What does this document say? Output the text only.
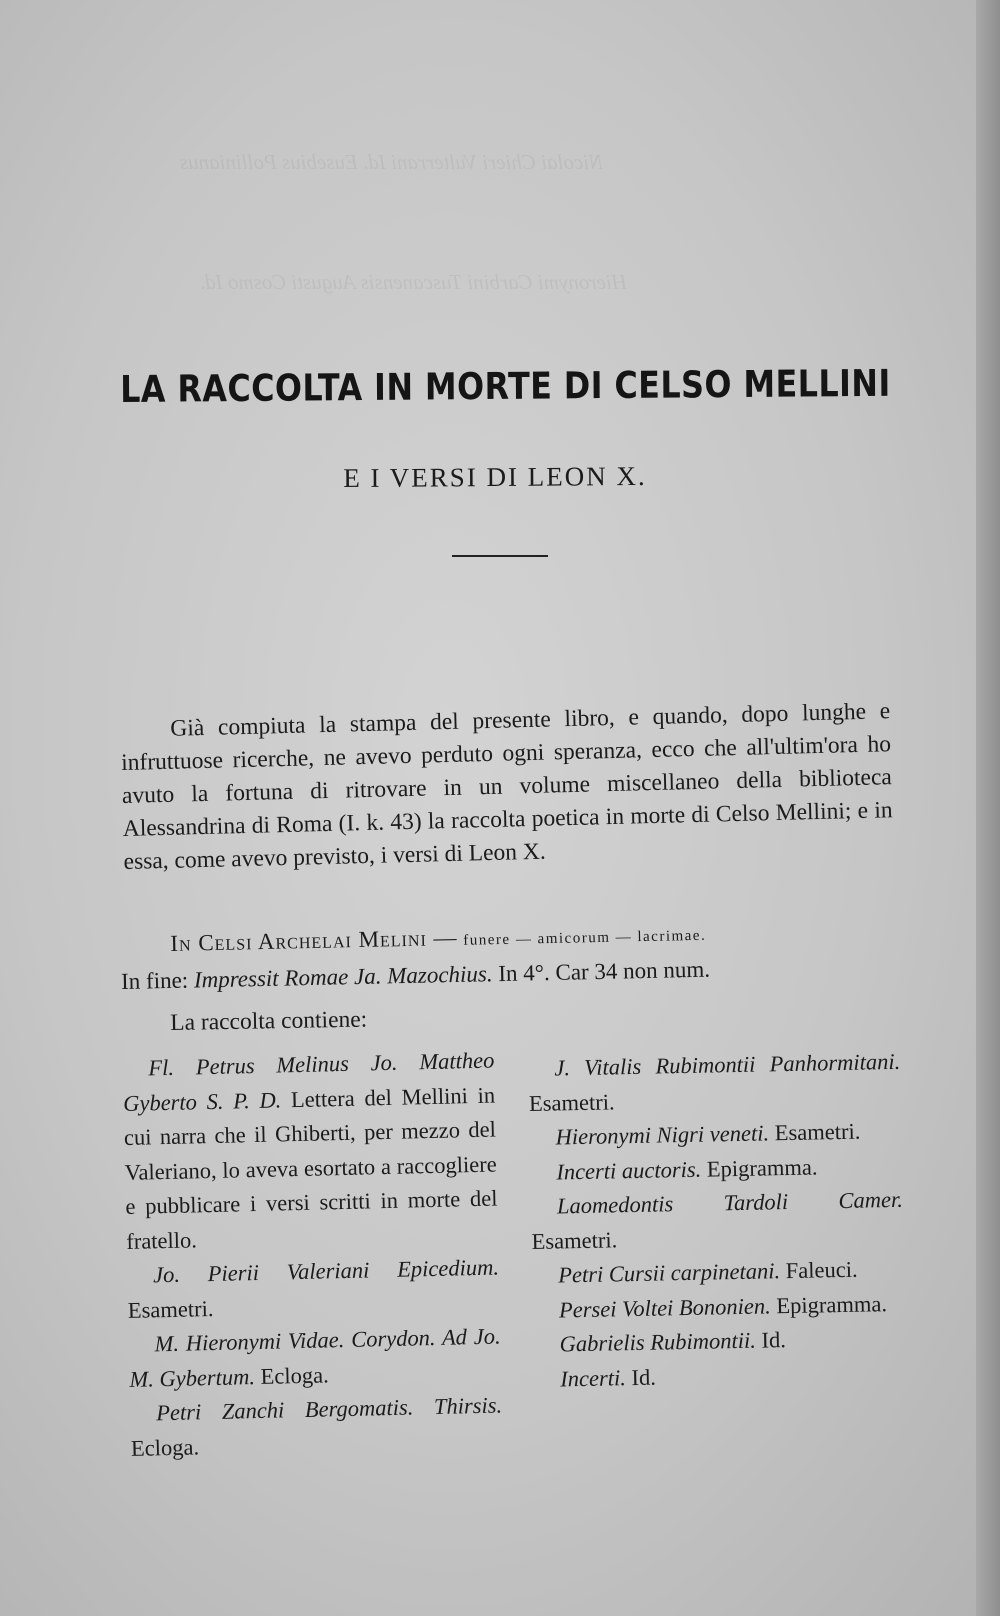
Nicolai Chieri Vulterrani Id. Eusebius Pollinianus
Hieronymi Carbini Tuscanensis Augusti Cosmo Id.
LA RACCOLTA IN MORTE DI CELSO MELLINI
E I VERSI DI LEON X.

Già compiuta la stampa del presente libro, e quando, dopo lunghe e infruttuose ricerche, ne avevo perduto ogni speranza, ecco che all'ultim'ora ho avuto la fortuna di ritrovare in un volume miscellaneo della biblioteca Alessandrina di Roma (I. k. 43) la raccolta poetica in morte di Celso Mellini; e in essa, come avevo previsto, i versi di Leon X.

In Celsi Archelai Melini — funere — amicorum — lacrimae.
In fine: Impressit Romae Ja. Mazochius. In 4°. Car 34 non num.
La raccolta contiene:

Fl. Petrus Melinus Jo. Mattheo Gyberto S. P. D. Lettera del Mellini in cui narra che il Ghiberti, per mezzo del Valeriano, lo aveva esortato a raccogliere e pubblicare i versi scritti in morte del fratello.

Jo. Pierii Valeriani Epicedium. Esametri.

M. Hieronymi Vidae. Corydon. Ad Jo. M. Gybertum. Ecloga.

Petri Zanchi Bergomatis. Thirsis. Ecloga.

J. Vitalis Rubimontii Panhormitani. Esametri.

Hieronymi Nigri veneti. Esametri.

Incerti auctoris. Epigramma.

Laomedontis Tardoli Camer. Esametri.

Petri Cursii carpinetani. Faleuci.

Persei Voltei Bononien. Epigramma.

Gabrielis Rubimontii. Id.

Incerti. Id.
